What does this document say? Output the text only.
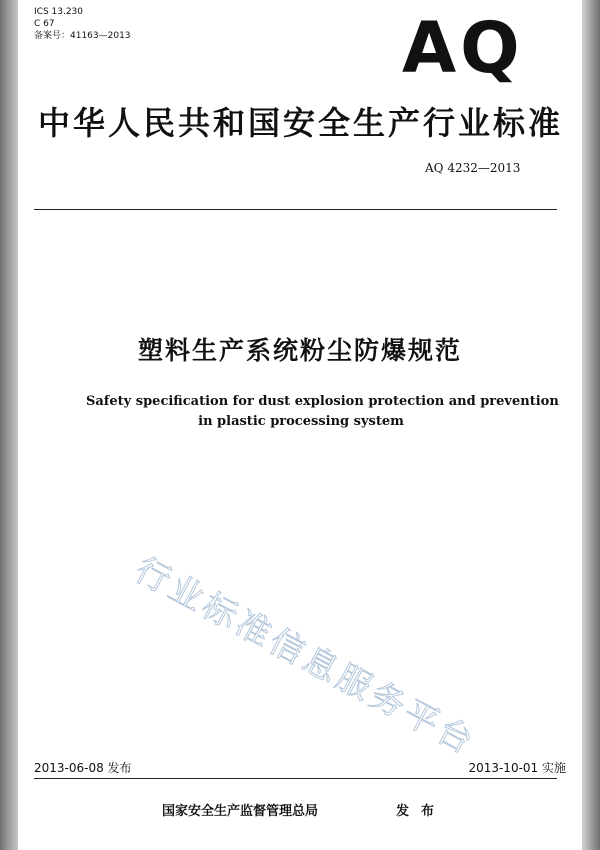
ICS 13.230
C 67
备案号：41163—2013	AQ
中华人民共和国安全生产行业标准
AQ 4232—2013
塑料生产系统粉尘防爆规范
Safety specification for dust explosion protection and prevention
in plastic processing system
行业标准信息服务平台
2013-06-08 发布	2013-10-01 实施
国家安全生产监督管理总局	发布
